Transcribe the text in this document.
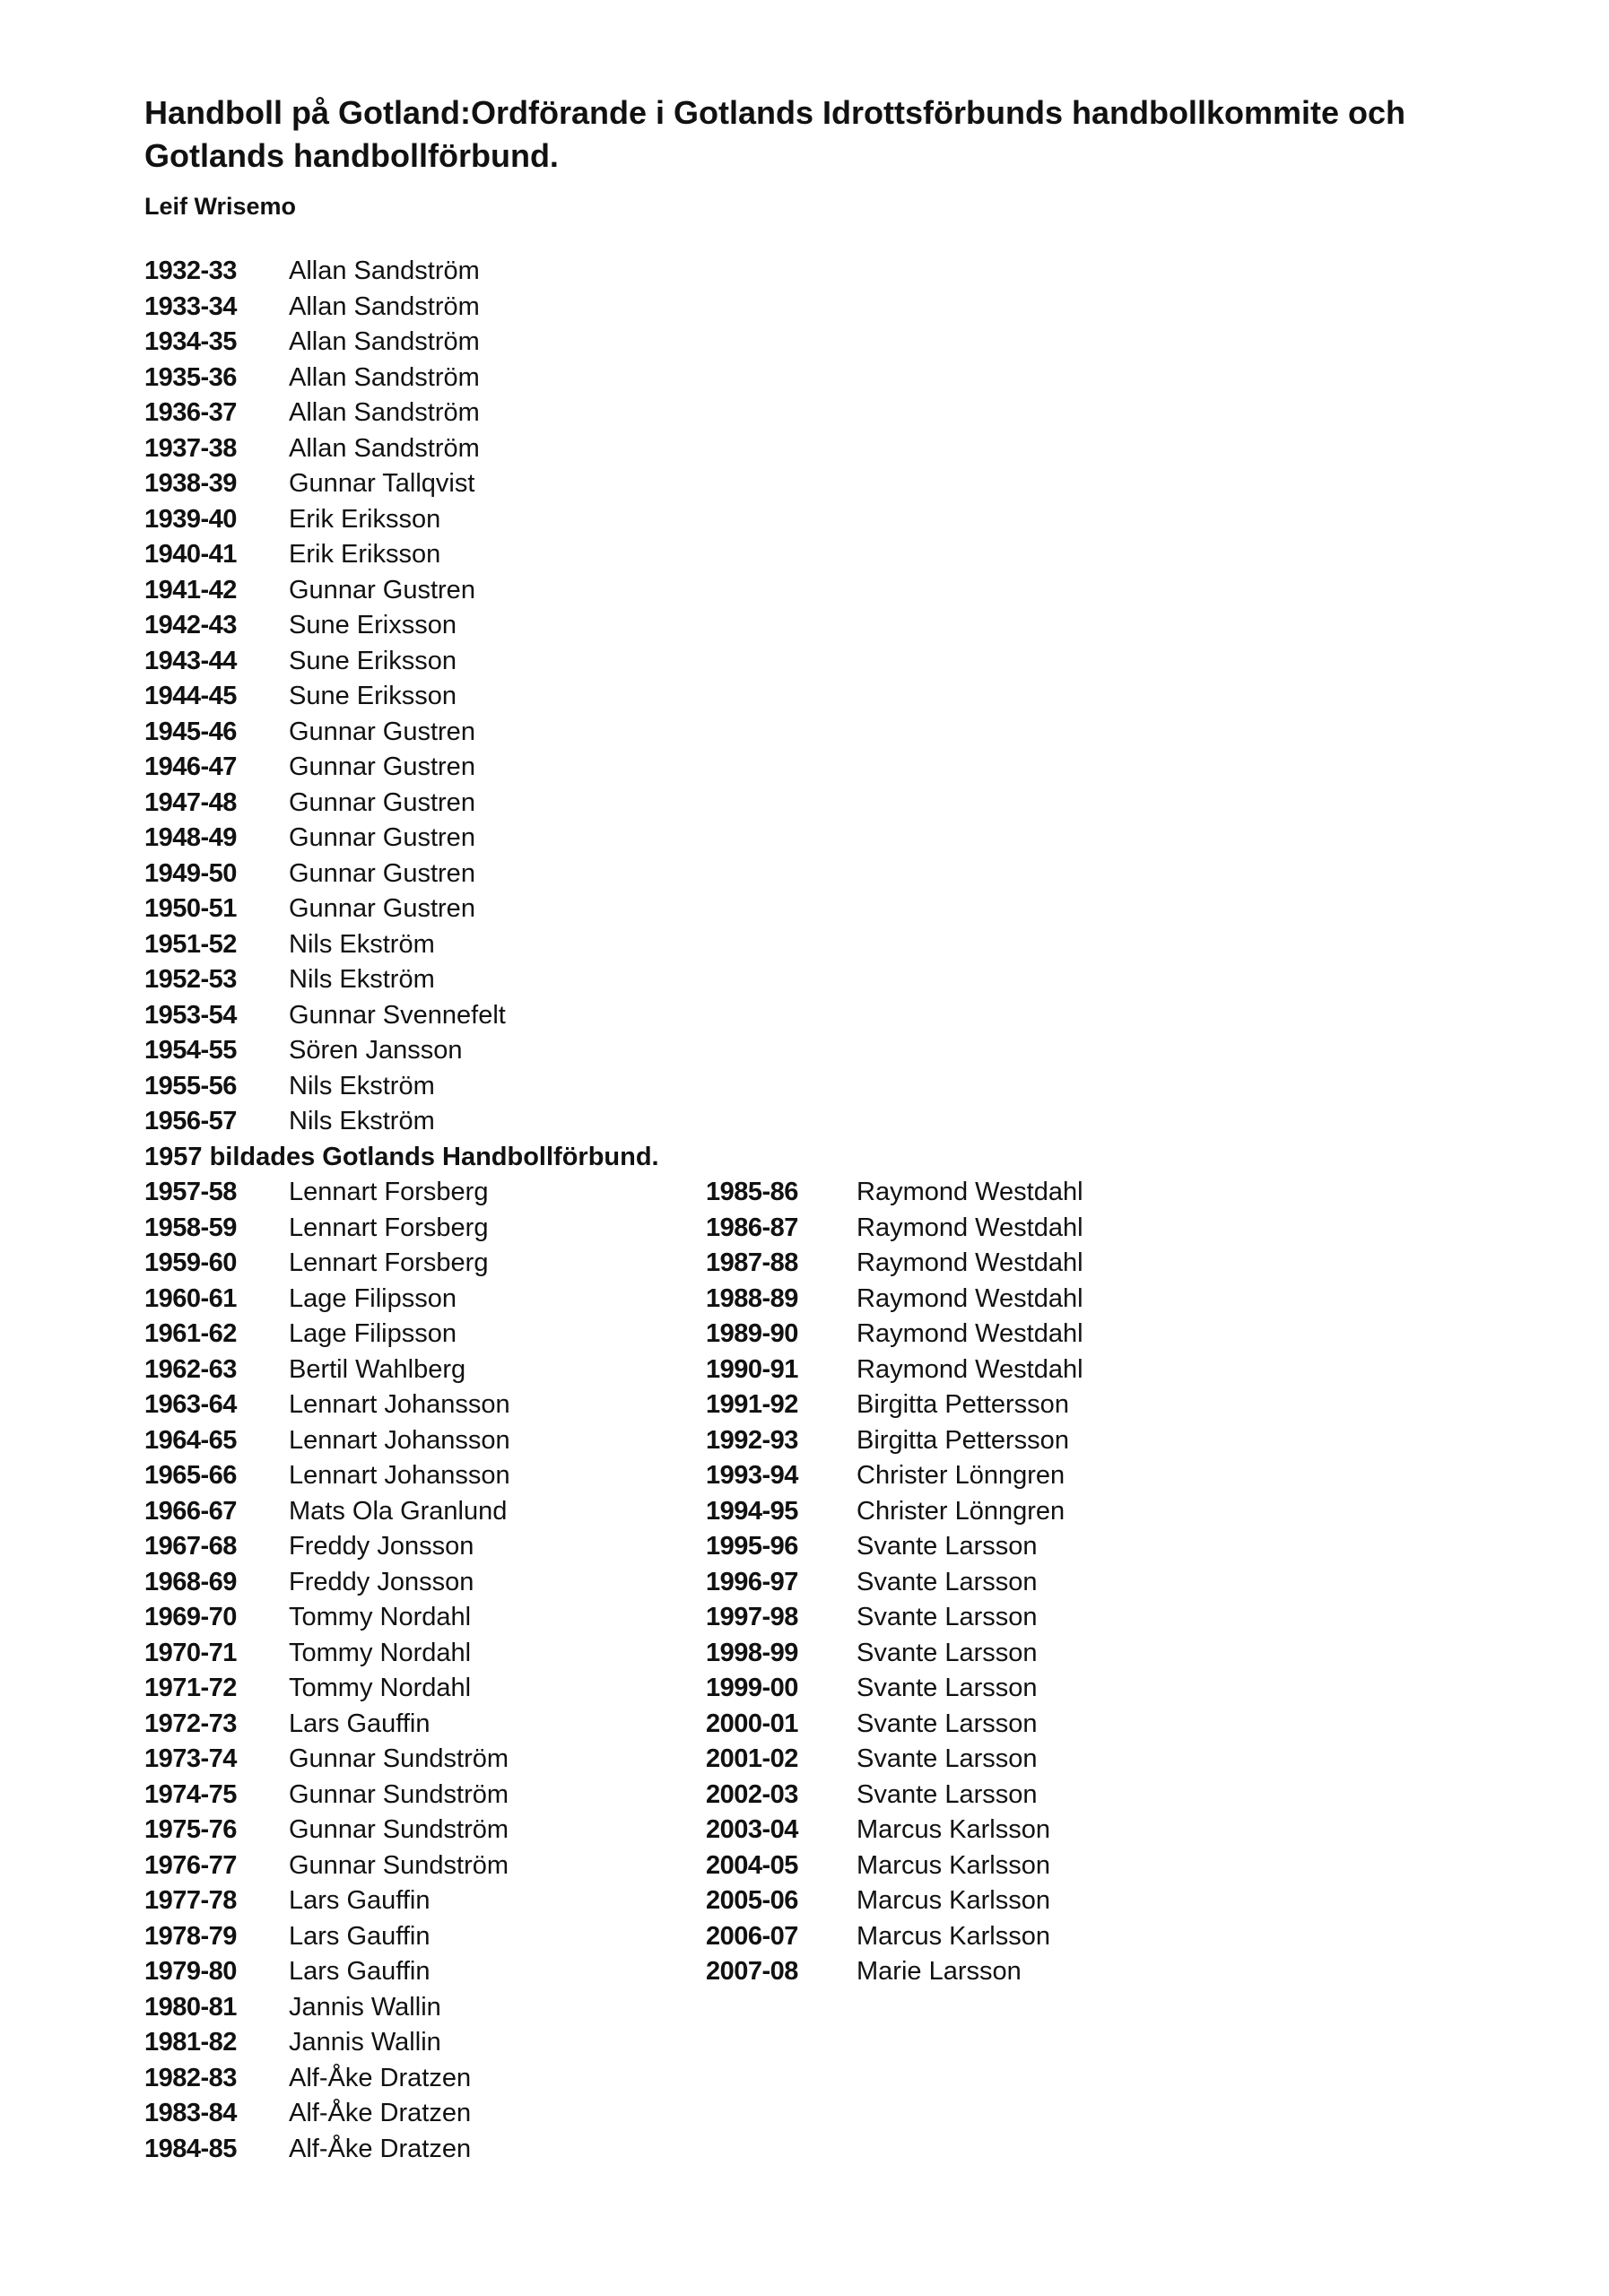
Handboll på Gotland:Ordförande i Gotlands Idrottsförbunds handbollkommite och
Gotlands handbollförbund.
Leif Wrisemo
1932-33 Allan Sandström
1933-34 Allan Sandström
1934-35 Allan Sandström
1935-36 Allan Sandström
1936-37 Allan Sandström
1937-38 Allan Sandström
1938-39 Gunnar Tallqvist
1939-40 Erik Eriksson
1940-41 Erik Eriksson
1941-42 Gunnar Gustren
1942-43 Sune Erixsson
1943-44 Sune Eriksson
1944-45 Sune Eriksson
1945-46 Gunnar Gustren
1946-47 Gunnar Gustren
1947-48 Gunnar Gustren
1948-49 Gunnar Gustren
1949-50 Gunnar Gustren
1950-51 Gunnar Gustren
1951-52 Nils Ekström
1952-53 Nils Ekström
1953-54 Gunnar Svennefelt
1954-55 Sören Jansson
1955-56 Nils Ekström
1956-57 Nils Ekström
1957-58 Lennart Forsberg
1958-59 Lennart Forsberg
1959-60 Lennart Forsberg
1960-61 Lage Filipsson
1961-62 Lage Filipsson
1962-63 Bertil Wahlberg
1963-64 Lennart Johansson
1964-65 Lennart Johansson
1965-66 Lennart Johansson
1966-67 Mats Ola Granlund
1967-68 Freddy Jonsson
1968-69 Freddy Jonsson
1969-70 Tommy Nordahl
1970-71 Tommy Nordahl
1971-72 Tommy Nordahl
1972-73 Lars Gauffin
1973-74 Gunnar Sundström
1974-75 Gunnar Sundström
1975-76 Gunnar Sundström
1976-77 Gunnar Sundström
1977-78 Lars Gauffin
1978-79 Lars Gauffin
1979-80 Lars Gauffin
1980-81 Jannis Wallin
1981-82 Jannis Wallin
1982-83 Alf-Åke Dratzen
1983-84 Alf-Åke Dratzen
1984-85 Alf-Åke Dratzen
1985-86 Raymond Westdahl
1986-87 Raymond Westdahl
1987-88 Raymond Westdahl
1988-89 Raymond Westdahl
1989-90 Raymond Westdahl
1990-91 Raymond Westdahl
1991-92 Birgitta Pettersson
1992-93 Birgitta Pettersson
1993-94 Christer Lönngren
1994-95 Christer Lönngren
1995-96 Svante Larsson
1996-97 Svante Larsson
1997-98 Svante Larsson
1998-99 Svante Larsson
1999-00 Svante Larsson
2000-01 Svante Larsson
2001-02 Svante Larsson
2002-03 Svante Larsson
2003-04 Marcus Karlsson
2004-05 Marcus Karlsson
2005-06 Marcus Karlsson
2006-07 Marcus Karlsson
2007-08 Marie Larsson
1957 bildades Gotlands Handbollförbund.
